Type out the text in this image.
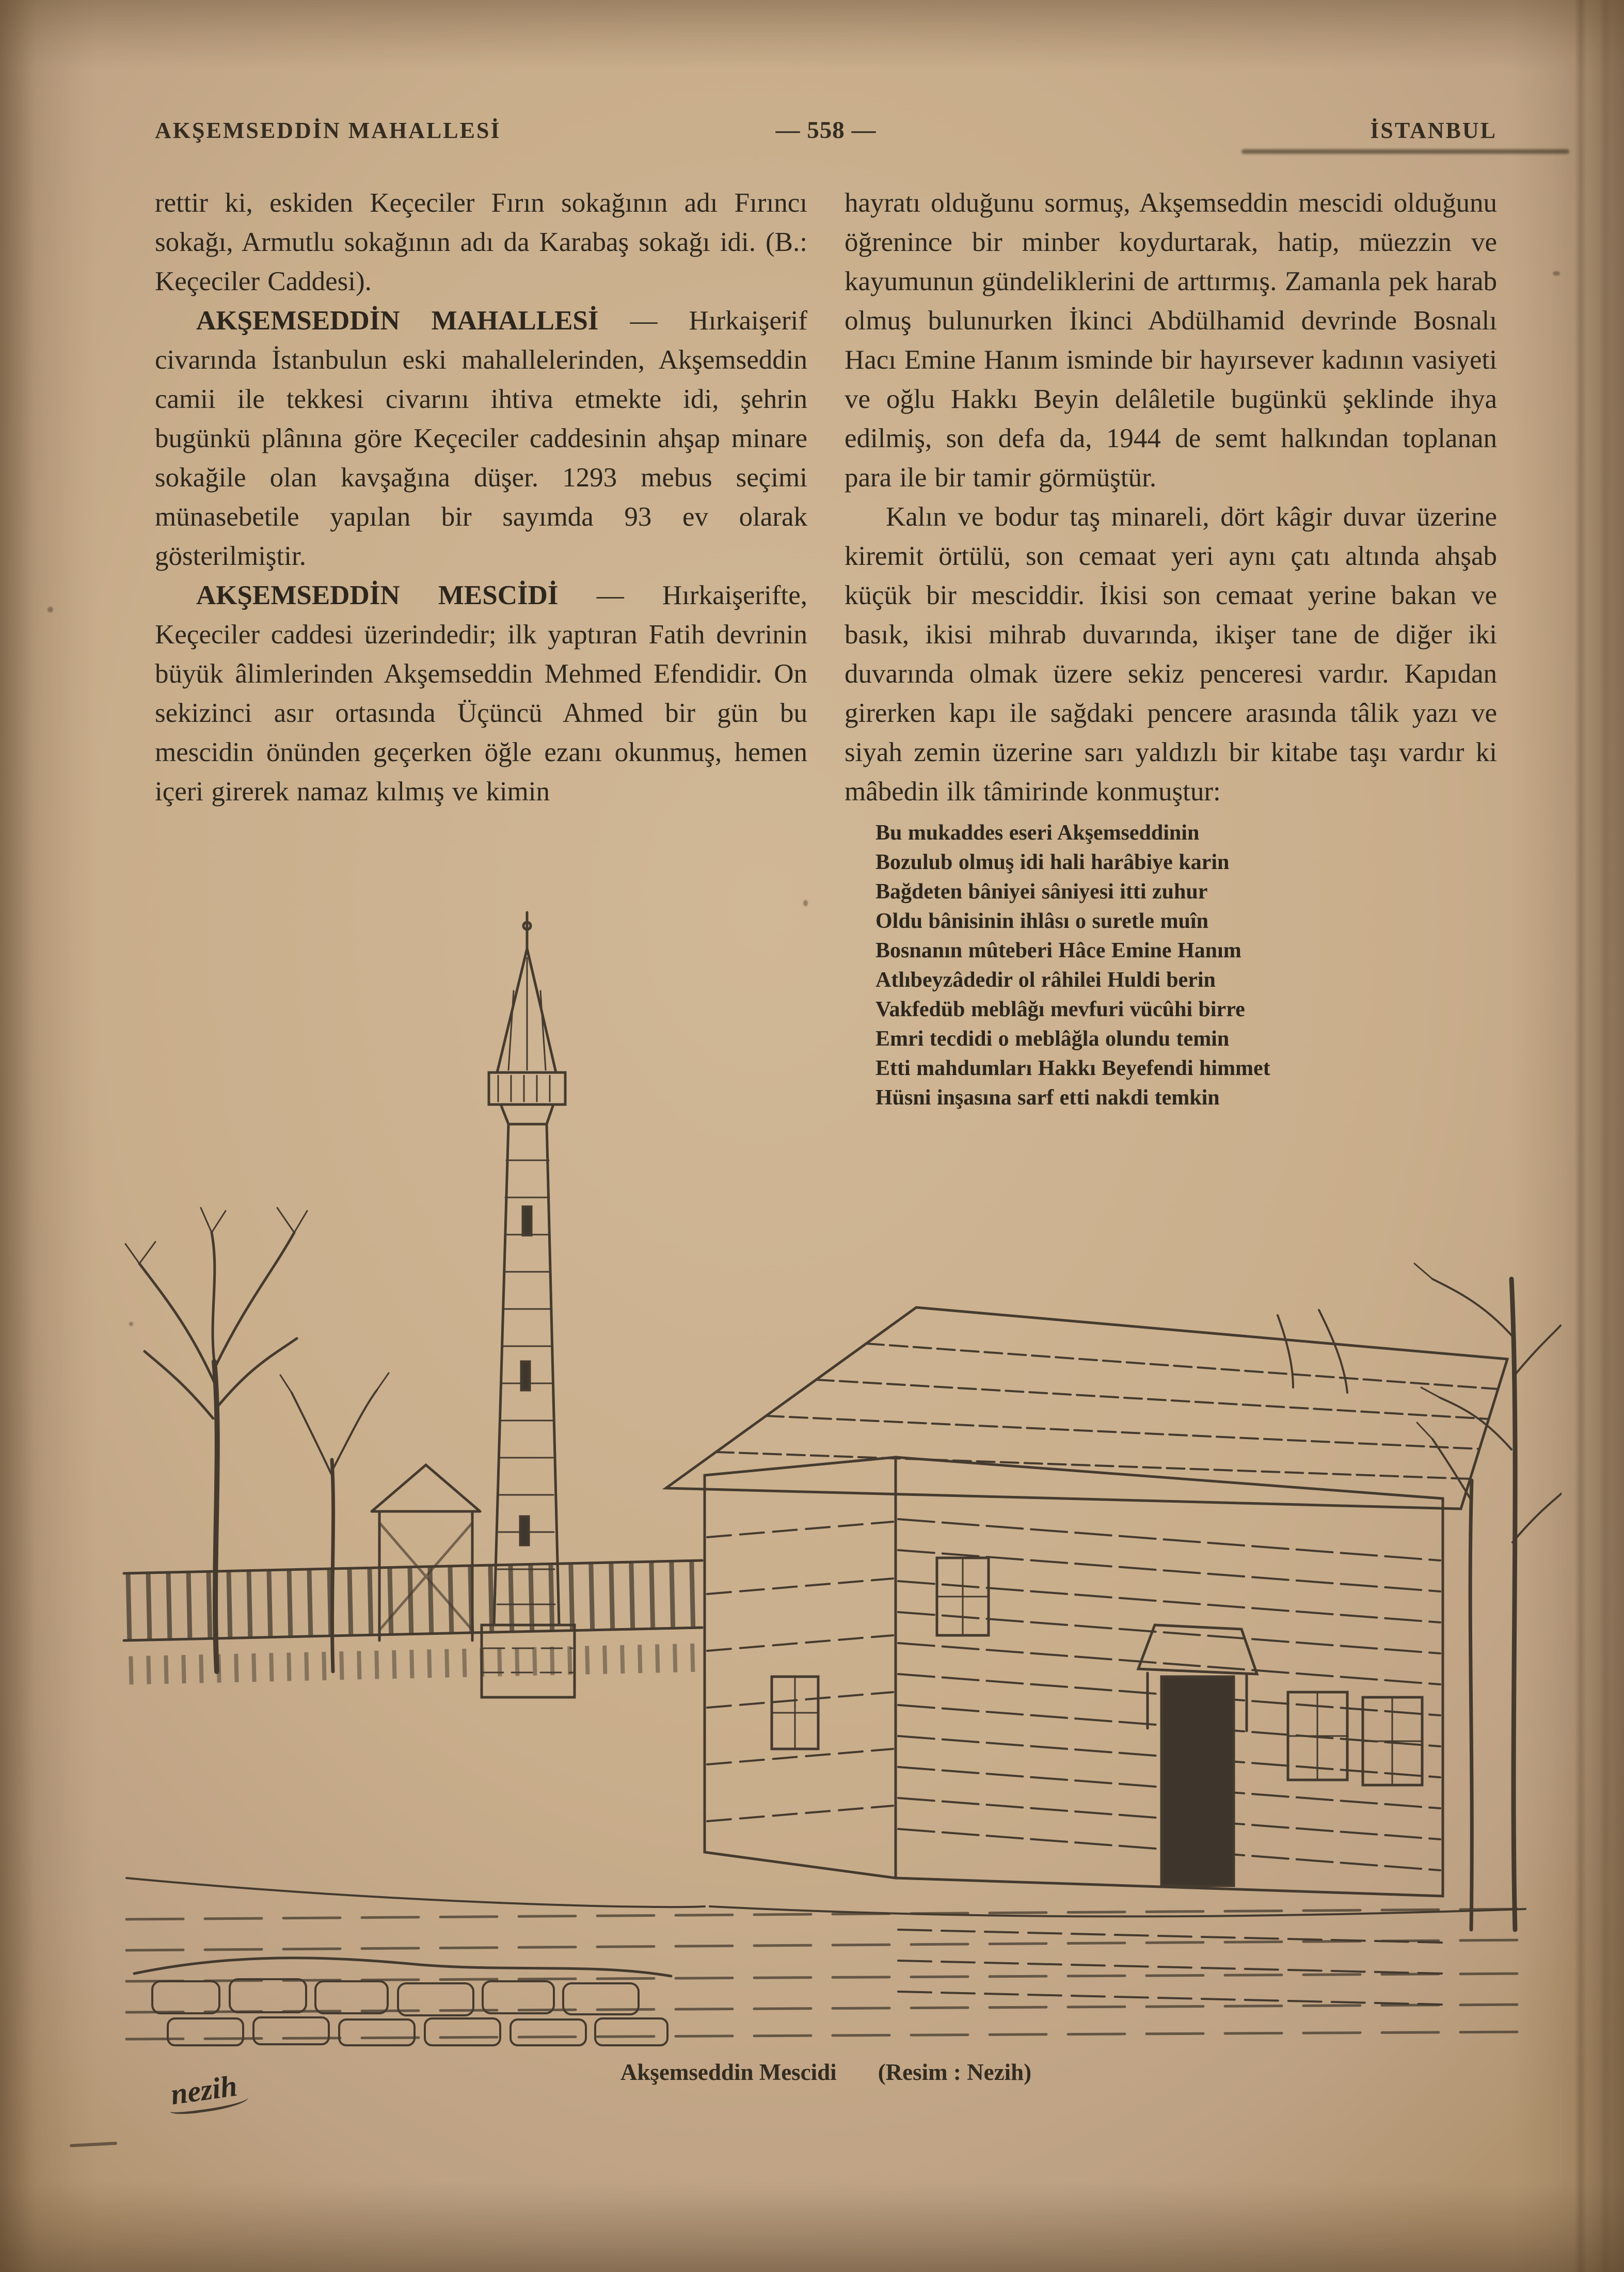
AKŞEMSEDDİN MAHALLESİ	— 558 —	İSTANBUL

rettir ki, eskiden Keçeciler Fırın sokağının adı Fırıncı sokağı, Armutlu sokağının adı da Karabaş sokağı idi. (B.: Keçeciler Caddesi).

AKŞEMSEDDİN MAHALLESİ — Hırkaişerif civarında İstanbulun eski mahallelerinden, Akşemseddin camii ile tekkesi civarını ihtiva etmekte idi, şehrin bugünkü plânına göre Keçeciler caddesinin ahşap minare sokağile olan kavşağına düşer. 1293 mebus seçimi münasebetile yapılan bir sayımda 93 ev olarak gösterilmiştir.

AKŞEMSEDDİN MESCİDİ — Hırkaişerifte, Keçeciler caddesi üzerindedir; ilk yaptıran Fatih devrinin büyük âlimlerinden Akşemseddin Mehmed Efendidir. On sekizinci asır ortasında Üçüncü Ahmed bir gün bu mescidin önünden geçerken öğle ezanı okunmuş, hemen içeri girerek namaz kılmış ve kimin

hayratı olduğunu sormuş, Akşemseddin mescidi olduğunu öğrenince bir minber koydurtarak, hatip, müezzin ve kayumunun gündeliklerini de arttırmış. Zamanla pek harab olmuş bulunurken İkinci Abdülhamid devrinde Bosnalı Hacı Emine Hanım isminde bir hayırsever kadının vasiyeti ve oğlu Hakkı Beyin delâletile bugünkü şeklinde ihya edilmiş, son defa da, 1944 de semt halkından toplanan para ile bir tamir görmüştür.

Kalın ve bodur taş minareli, dört kâgir duvar üzerine kiremit örtülü, son cemaat yeri aynı çatı altında ahşab küçük bir mesciddir. İkisi son cemaat yerine bakan ve basık, ikisi mihrab duvarında, ikişer tane de diğer iki duvarında olmak üzere sekiz penceresi vardır. Kapıdan girerken kapı ile sağdaki pencere arasında tâlik yazı ve siyah zemin üzerine sarı yaldızlı bir kitabe taşı vardır ki mâbedin ilk tâmirinde konmuştur:

Bu mukaddes eseri Akşemseddinin
Bozulub olmuş idi hali harâbiye karin
Bağdeten bâniyei sâniyesi itti zuhur
Oldu bânisinin ihlâsı o suretle muîn
Bosnanın mûteberi Hâce Emine Hanım
Atlıbeyzâdedir ol râhilei Huldi berin
Vakfedüb meblâğı mevfuri vücûhi birre
Emri tecdidi o meblâğla olundu temin
Etti mahdumları Hakkı Beyefendi himmet
Hüsni inşasına sarf etti nakdi temkin
nezih	Akşemseddin Mescidi (Resim : Nezih)
